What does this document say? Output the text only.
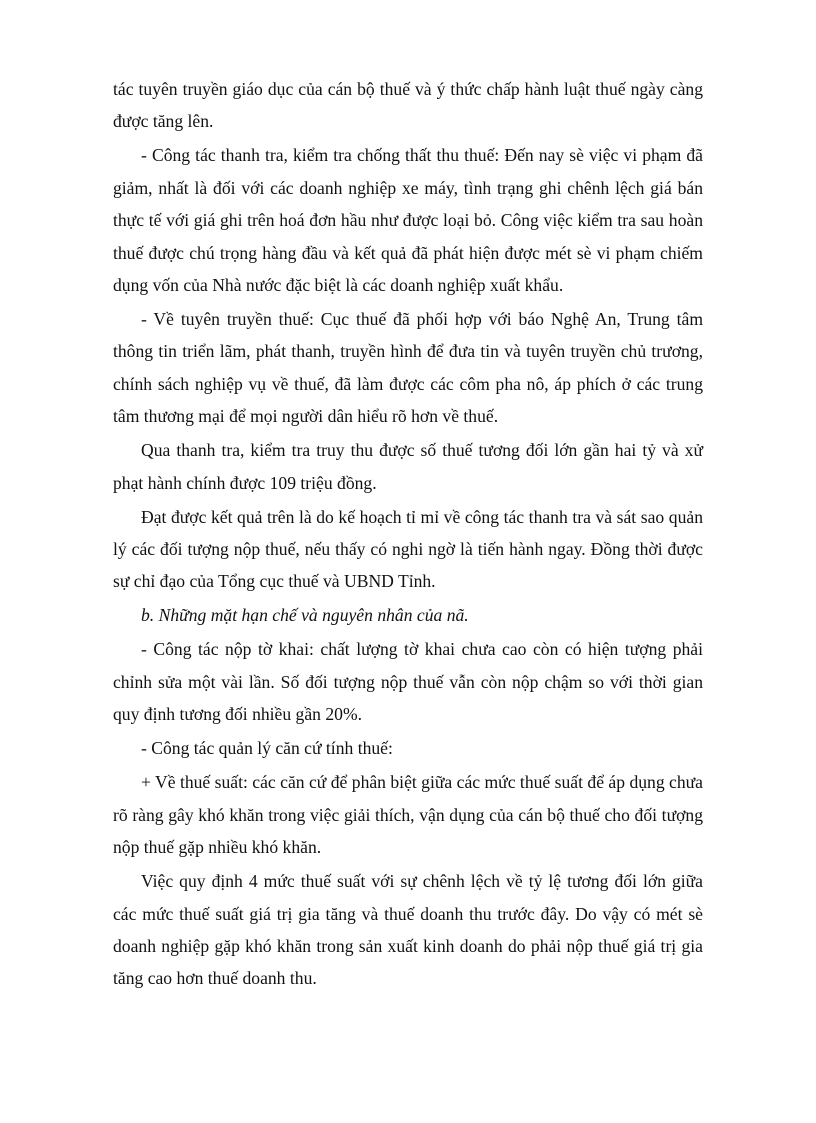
tác tuyên truyền giáo dục của cán bộ thuế và ý thức chấp hành luật thuế ngày càng được tăng lên.

- Công tác thanh tra, kiểm tra chống thất thu thuế: Đến nay sè việc vi phạm đã giảm, nhất là đối với các doanh nghiệp xe máy, tình trạng ghi chênh lệch giá bán thực tế với giá ghi trên hoá đơn hầu như được loại bỏ. Công việc kiểm tra sau hoàn thuế được chú trọng hàng đầu và kết quả đã phát hiện được mét sè vi phạm chiếm dụng vốn của Nhà nước đặc biệt là các doanh nghiệp xuất khẩu.

- Về tuyên truyền thuế: Cục thuế đã phối hợp với báo Nghệ An, Trung tâm thông tin triển lãm, phát thanh, truyền hình để đưa tin và tuyên truyền chủ trương, chính sách nghiệp vụ về thuế, đã làm được các côm pha nô, áp phích ở các trung tâm thương mại để mọi người dân hiểu rõ hơn về thuế.

Qua thanh tra, kiểm tra truy thu được số thuế tương đối lớn gần hai tỷ và xử phạt hành chính được 109 triệu đồng.

Đạt được kết quả trên là do kế hoạch tỉ mỉ về công tác thanh tra và sát sao quản lý các đối tượng nộp thuế, nếu thấy có nghi ngờ là tiến hành ngay. Đồng thời được sự chỉ đạo của Tổng cục thuế và UBND Tỉnh.

b. Những mặt hạn chế và nguyên nhân của nã.

- Công tác nộp tờ khai: chất lượng tờ khai chưa cao còn có hiện tượng phải chỉnh sửa một vài lần. Số đối tượng nộp thuế vẫn còn nộp chậm so với thời gian quy định tương đối nhiều gần 20%.

- Công tác quản lý căn cứ tính thuế:

+ Về thuế suất: các căn cứ để phân biệt giữa các mức thuế suất để áp dụng chưa rõ ràng gây khó khăn trong việc giải thích, vận dụng của cán bộ thuế cho đối tượng nộp thuế gặp nhiều khó khăn.

Việc quy định 4 mức thuế suất với sự chênh lệch về tỷ lệ tương đối lớn giữa các mức thuế suất giá trị gia tăng và thuế doanh thu trước đây. Do vậy có mét sè doanh nghiệp gặp khó khăn trong sản xuất kinh doanh do phải nộp thuế giá trị gia tăng cao hơn thuế doanh thu.
